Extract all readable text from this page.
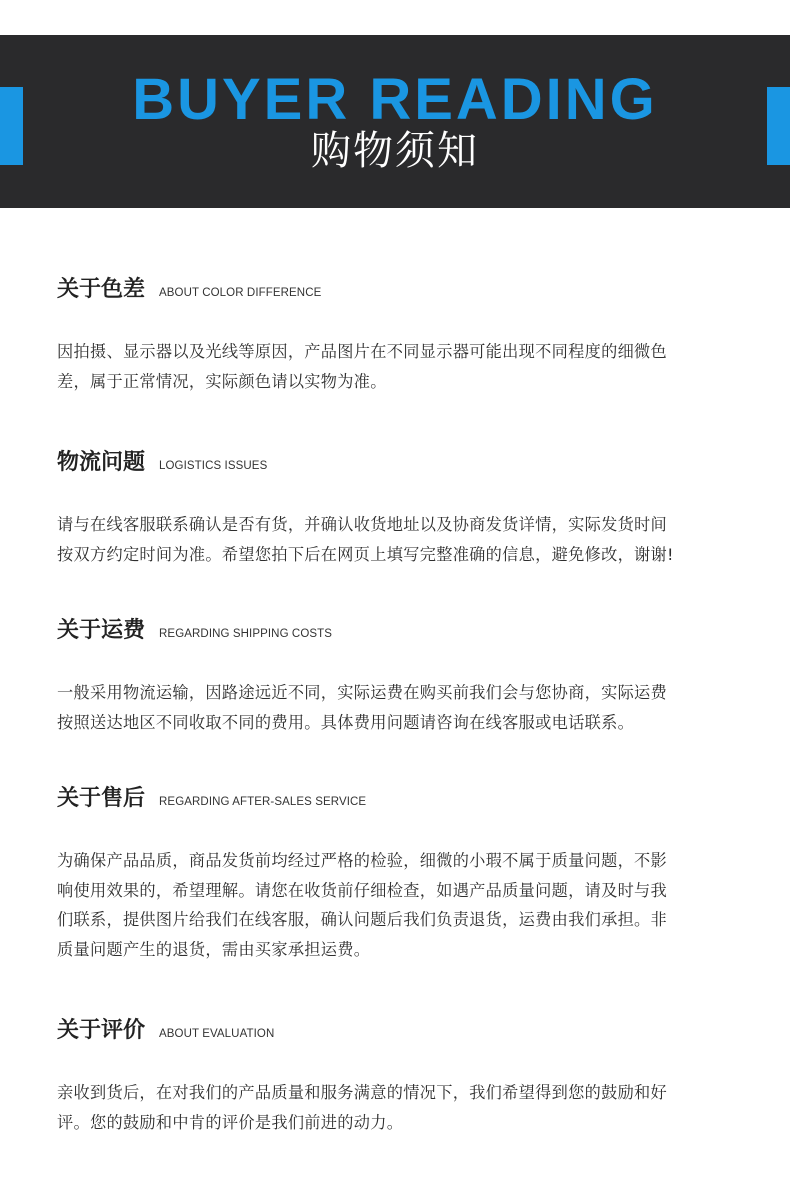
BUYER READING
购物须知
关于色差 ABOUT COLOR DIFFERENCE
因拍摄、显示器以及光线等原因，产品图片在不同显示器可能出现不同程度的细微色
差，属于正常情况，实际颜色请以实物为准。
物流问题 LOGISTICS ISSUES
请与在线客服联系确认是否有货，并确认收货地址以及协商发货详情，实际发货时间
按双方约定时间为准。希望您拍下后在网页上填写完整准确的信息，避免修改，谢谢!
关于运费 REGARDING SHIPPING COSTS
一般采用物流运输，因路途远近不同，实际运费在购买前我们会与您协商，实际运费
按照送达地区不同收取不同的费用。具体费用问题请咨询在线客服或电话联系。
关于售后 REGARDING AFTER-SALES SERVICE
为确保产品品质，商品发货前均经过严格的检验，细微的小瑕不属于质量问题，不影
响使用效果的，希望理解。请您在收货前仔细检查，如遇产品质量问题，请及时与我
们联系，提供图片给我们在线客服，确认问题后我们负责退货，运费由我们承担。非
质量问题产生的退货，需由买家承担运费。
关于评价 ABOUT EVALUATION
亲收到货后，在对我们的产品质量和服务满意的情况下，我们希望得到您的鼓励和好
评。您的鼓励和中肯的评价是我们前进的动力。
